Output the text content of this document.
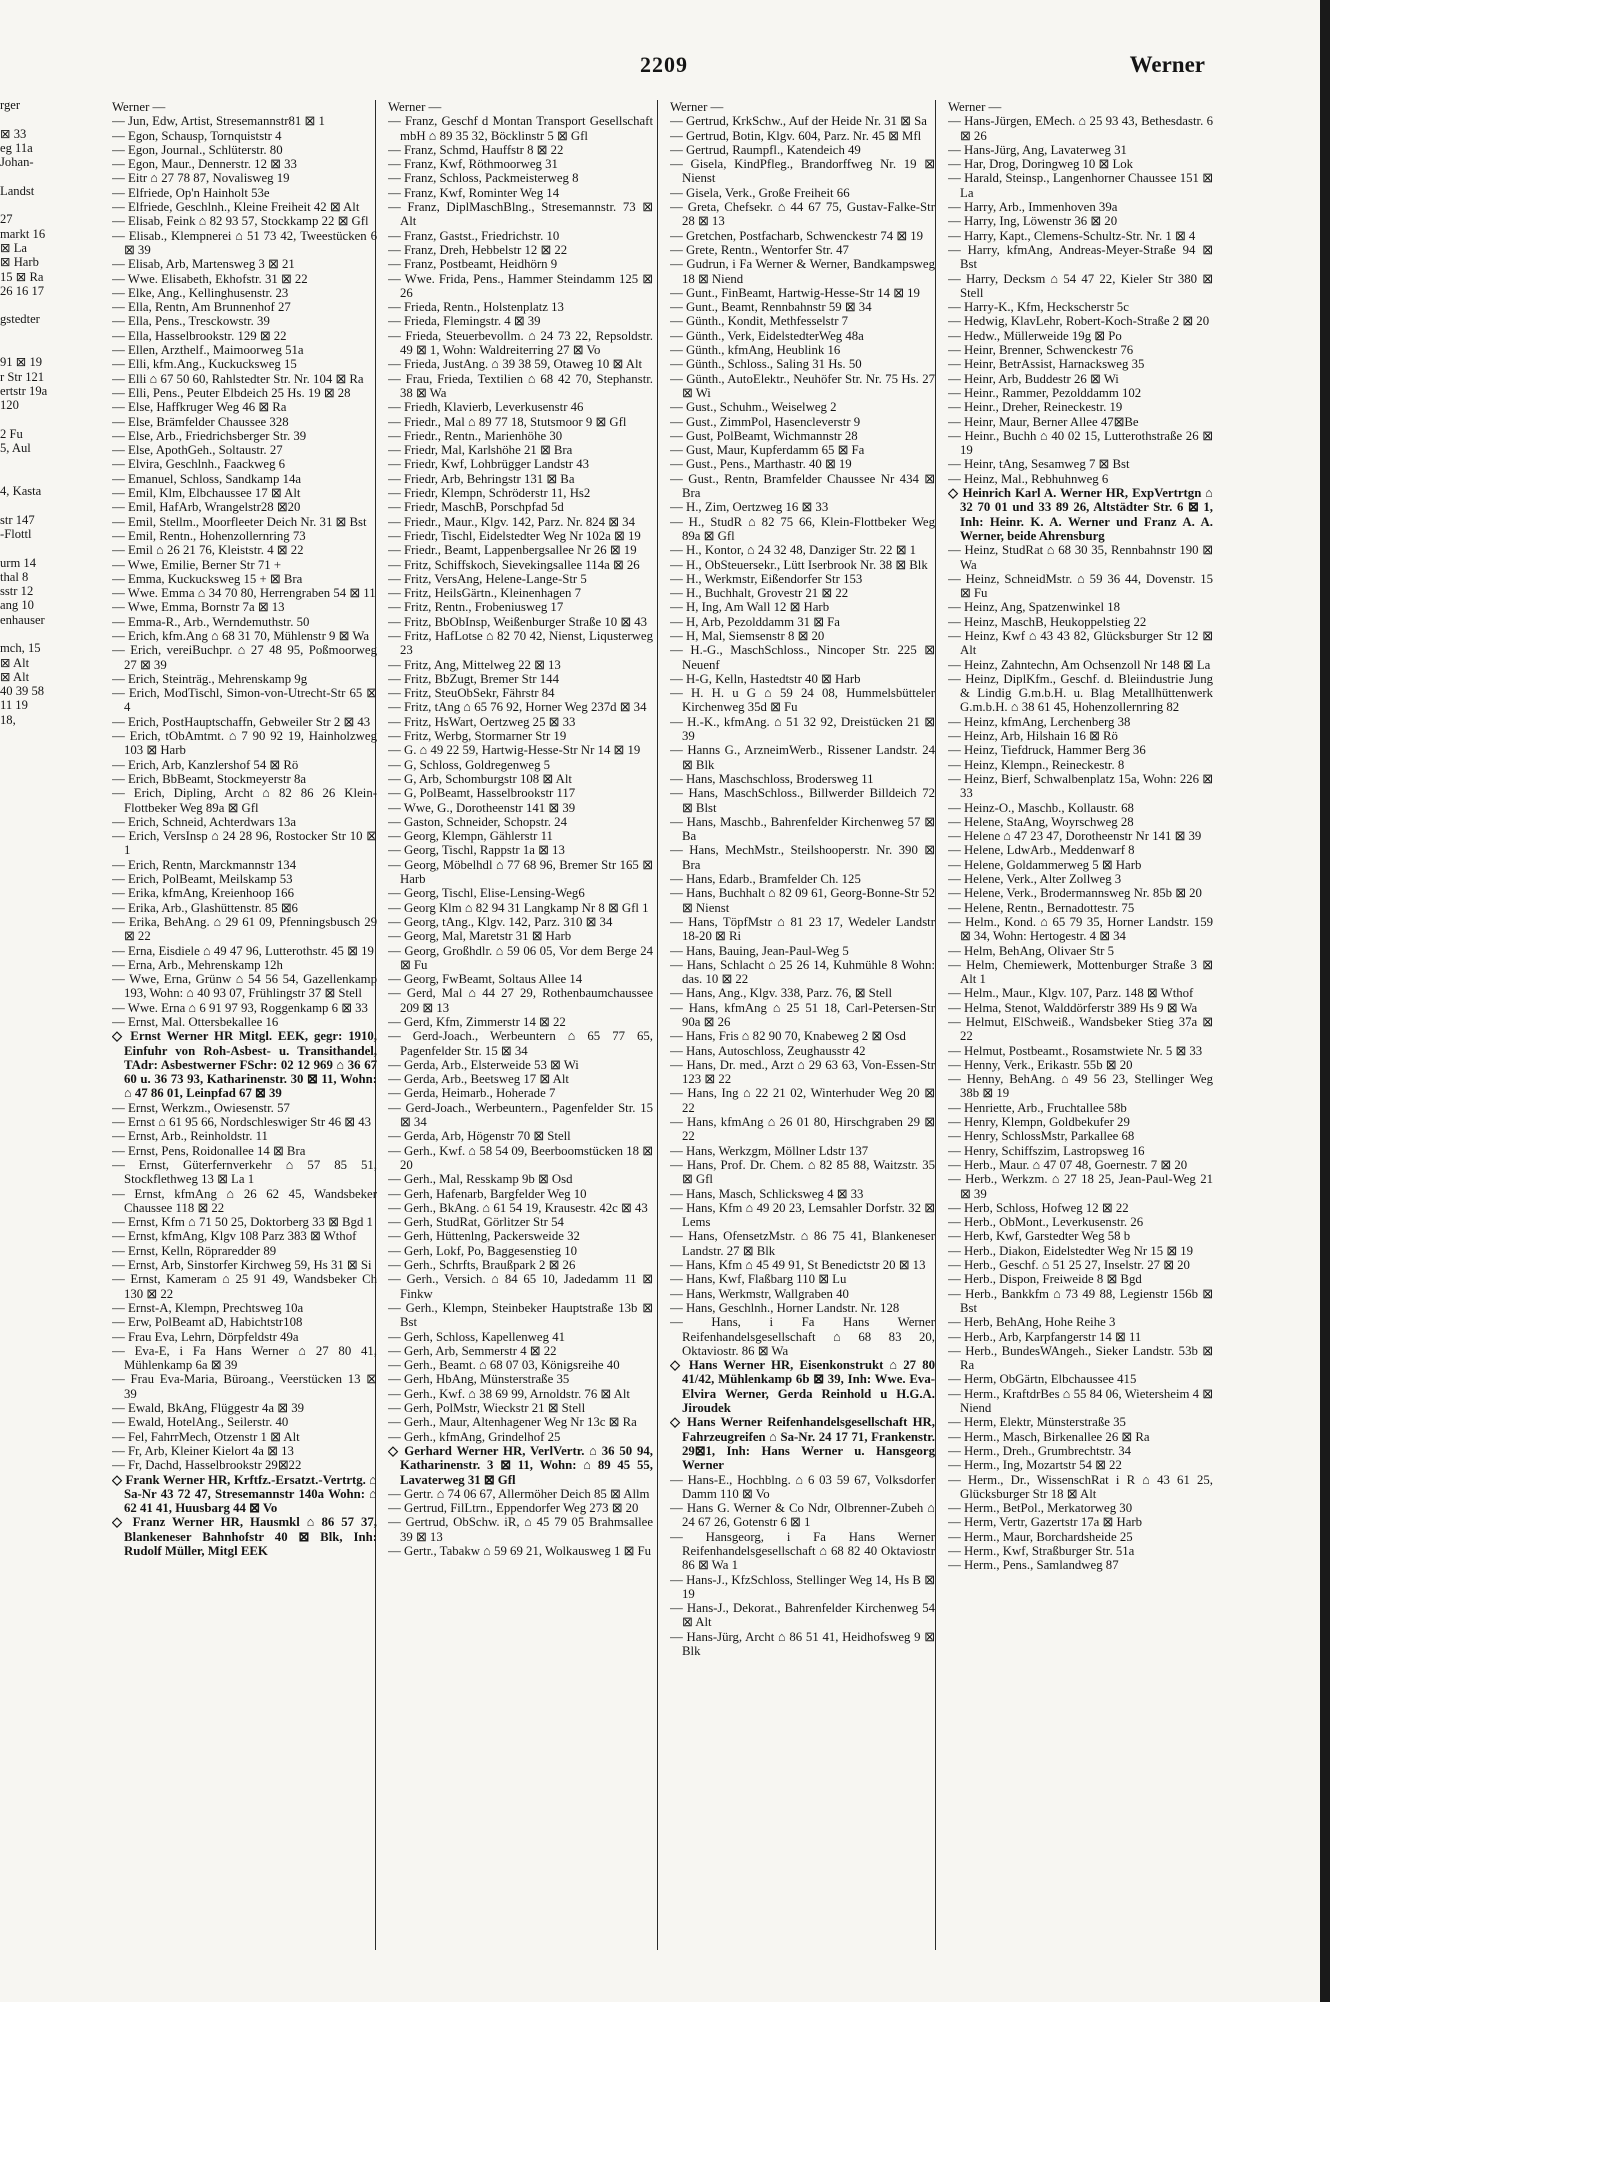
2209	Werner
rger

⊠ 33
eg 11a
Johan-

Landst

27
markt 16
⊠ La
⊠ Harb
15 ⊠ Ra
26 16 17

gstedter

91 ⊠ 19
r Str 121
ertstr 19a
120

2 Fu
5, Aul

4, Kasta

str 147
-Flottl

urm 14
thal 8
sstr 12
ang 10
enhauser

mch, 15
⊠ Alt
⊠ Alt
40 39 58
11 19
18,
Werner —
— Jun, Edw, Artist, Stresemannstr81 ⊠ 1
— Egon, Schausp, Tornquiststr 4
— Egon, Journal., Schlüterstr. 80
— Egon, Maur., Dennerstr. 12 ⊠ 33
— Eitr ⌂ 27 78 87, Novalisweg 19
— Elfriede, Op'n Hainholt 53e
— Elfriede, Geschlnh., Kleine Freiheit 42 ⊠ Alt
— Elisab, Feink ⌂ 82 93 57, Stockkamp 22 ⊠ Gfl
— Elisab., Klempnerei ⌂ 51 73 42, Tweestücken 6 ⊠ 39
— Elisab, Arb, Martensweg 3 ⊠ 21
— Wwe. Elisabeth, Ekhofstr. 31 ⊠ 22
— Elke, Ang., Kellinghusenstr. 23
— Ella, Rentn, Am Brunnenhof 27
— Ella, Pens., Tresckowstr. 39
— Ella, Hasselbrookstr. 129 ⊠ 22
— Ellen, Arzthelf., Maimoorweg 51a
— Elli, kfm.Ang., Kuckucksweg 15
— Elli ⌂ 67 50 60, Rahlstedter Str. Nr. 104 ⊠ Ra
— Elli, Pens., Peuter Elbdeich 25 Hs. 19 ⊠ 28
— Else, Haffkruger Weg 46 ⊠ Ra
— Else, Brämfelder Chaussee 328
— Else, Arb., Friedrichsberger Str. 39
— Else, ApothGeh., Soltaustr. 27
— Elvira, Geschlnh., Faackweg 6
— Emanuel, Schloss, Sandkamp 14a
— Emil, Klm, Elbchaussee 17 ⊠ Alt
— Emil, HafArb, Wrangelstr28 ⊠20
— Emil, Stellm., Moorfleeter Deich Nr. 31 ⊠ Bst
— Emil, Rentn., Hohenzollernring 73
— Emil ⌂ 26 21 76, Kleiststr. 4 ⊠ 22
— Wwe, Emilie, Berner Str 71 +
— Emma, Kuckucksweg 15 + ⊠ Bra
— Wwe. Emma ⌂ 34 70 80, Herrengraben 54 ⊠ 11
— Wwe, Emma, Bornstr 7a ⊠ 13
— Emma-R., Arb., Werndemuthstr. 50
— Erich, kfm.Ang ⌂ 68 31 70, Mühlenstr 9 ⊠ Wa
— Erich, vereiBuchpr. ⌂ 27 48 95, Poßmoorweg 27 ⊠ 39
— Erich, Steinträg., Mehrenskamp 9g
— Erich, ModTischl, Simon-von-Utrecht-Str 65 ⊠ 4
— Erich, PostHauptschaffn, Gebweiler Str 2 ⊠ 43
— Erich, tObAmtmt. ⌂ 7 90 92 19, Hainholzweg 103 ⊠ Harb
— Erich, Arb, Kanzlershof 54 ⊠ Rö
— Erich, BbBeamt, Stockmeyerstr 8a
— Erich, Dipling, Archt ⌂ 82 86 26 Klein-Flottbeker Weg 89a ⊠ Gfl
— Erich, Schneid, Achterdwars 13a
— Erich, VersInsp ⌂ 24 28 96, Rostocker Str 10 ⊠ 1
— Erich, Rentn, Marckmannstr 134
— Erich, PolBeamt, Meilskamp 53
— Erika, kfmAng, Kreienhoop 166
— Erika, Arb., Glashüttenstr. 85 ⊠6
— Erika, BehAng. ⌂ 29 61 09, Pfenningsbusch 29 ⊠ 22
— Erna, Eisdiele ⌂ 49 47 96, Luttеrothstr. 45 ⊠ 19
— Erna, Arb., Mehrenskamp 12h
— Wwe, Erna, Grünw ⌂ 54 56 54, Gazellenkamp 193, Wohn: ⌂ 40 93 07, Frühlingstr 37 ⊠ Stell
— Wwe. Erna ⌂ 6 91 97 93, Roggenkamp 6 ⊠ 33
— Ernst, Mal. Ottersbekallee 16
◇ Ernst Werner HR Mitgl. EEK, gegr: 1910, Einfuhr von Roh-Asbest- u. Transithandel, TAdr: Asbestwerner FSchr: 02 12 969 ⌂ 36 67 60 u. 36 73 93, Katharinenstr. 30 ⊠ 11, Wohn: ⌂ 47 86 01, Leinpfad 67 ⊠ 39
— Ernst, Werkzm., Owiesenstr. 57
— Ernst ⌂ 61 95 66, Nordschleswiger Str 46 ⊠ 43
— Ernst, Arb., Reinholdstr. 11
— Ernst, Pens, Roidonallee 14 ⊠ Bra
— Ernst, Güterfernverkehr ⌂ 57 85 51, Stockflethweg 13 ⊠ La 1
— Ernst, kfmAng ⌂ 26 62 45, Wandsbeker Chaussee 118 ⊠ 22
— Ernst, Kfm ⌂ 71 50 25, Doktorberg 33 ⊠ Bgd 1
— Ernst, kfmAng, Klgv 108 Parz 383 ⊠ Wthof
— Ernst, Kelln, Röpraredder 89
— Ernst, Arb, Sinstorfer Kirchweg 59, Hs 31 ⊠ Si
— Ernst, Kameram ⌂ 25 91 49, Wandsbeker Ch 130 ⊠ 22
— Ernst-A, Klempn, Prechtsweg 10a
— Erw, PolBeamt aD, Habichtstr108
— Frau Eva, Lehrn, Dörpfeldstr 49a
— Eva-E, i Fa Hans Werner ⌂ 27 80 41, Mühlenkamp 6a ⊠ 39
— Frau Eva-Maria, Büroang., Veerstücken 13 ⊠ 39
— Ewald, BkAng, Flüggestr 4a ⊠ 39
— Ewald, HotelAng., Seilerstr. 40
— Fel, FahrrMech, Otzenstr 1 ⊠ Alt
— Fr, Arb, Kleiner Kielort 4a ⊠ 13
— Fr, Dachd, Hasselbrookstr 29⊠22
◇ Frank Werner HR, Krftfz.-Ersatzt.-Vertrtg. ⌂ Sa-Nr 43 72 47, Stresemannstr 140a Wohn: ⌂ 62 41 41, Huusbarg 44 ⊠ Vo
◇ Franz Werner HR, Hausmkl ⌂ 86 57 37, Blankeneser Bahnhofstr 40 ⊠ Blk, Inh: Rudolf Müller, Mitgl EEK
Werner —
— Franz, Geschf d Montan Transport Gesellschaft mbH ⌂ 89 35 32, Böcklinstr 5 ⊠ Gfl
— Franz, Schmd, Hauffstr 8 ⊠ 22
— Franz, Kwf, Röthmoorweg 31
— Franz, Schloss, Packmeisterweg 8
— Franz, Kwf, Rominter Weg 14
— Franz, DiplMaschBlng., Stresemannstr. 73 ⊠ Alt
— Franz, Gastst., Friedrichstr. 10
— Franz, Dreh, Hebbelstr 12 ⊠ 22
— Franz, Postbeamt, Heidhörn 9
— Wwe. Frida, Pens., Hammer Steindamm 125 ⊠ 26
— Frieda, Rentn., Holstenplatz 13
— Frieda, Flemingstr. 4 ⊠ 39
— Frieda, Steuerbevollm. ⌂ 24 73 22, Repsoldstr. 49 ⊠ 1, Wohn: Waldreiterring 27 ⊠ Vo
— Frieda, JustAng. ⌂ 39 38 59, Otaweg 10 ⊠ Alt
— Frau, Frieda, Textilien ⌂ 68 42 70, Stephanstr. 38 ⊠ Wa
— Friedh, Klavierb, Leverkusenstr 46
— Friedr., Mal ⌂ 89 77 18, Stutsmoor 9 ⊠ Gfl
— Friedr., Rentn., Marienhöhe 30
— Friedr, Mal, Karlshöhe 21 ⊠ Bra
— Friedr, Kwf, Lohbrügger Landstr 43
— Friedr, Arb, Behringstr 131 ⊠ Ba
— Friedr, Klempn, Schröderstr 11, Hs2
— Friedr, MaschB, Porschpfad 5d
— Friedr., Maur., Klgv. 142, Parz. Nr. 824 ⊠ 34
— Friedr, Tischl, Eidelstedter Weg Nr 102a ⊠ 19
— Friedr., Beamt, Lappenbergsallee Nr 26 ⊠ 19
— Fritz, Schiffskoch, Sievekingsallee 114a ⊠ 26
— Fritz, VersAng, Helene-Lange-Str 5
— Fritz, HeilsGärtn., Kleinenhagen 7
— Fritz, Rentn., Frobeniusweg 17
— Fritz, BbObInsp, Weißenburger Straße 10 ⊠ 43
— Fritz, HafLotse ⌂ 82 70 42, Nienst, Liqusterweg 23
— Fritz, Ang, Mittelweg 22 ⊠ 13
— Fritz, BbZugt, Bremer Str 144
— Fritz, SteuObSekr, Fährstr 84
— Fritz, tAng ⌂ 65 76 92, Horner Weg 237d ⊠ 34
— Fritz, HsWart, Oertzweg 25 ⊠ 33
— Fritz, Werbg, Stormarner Str 19
— G. ⌂ 49 22 59, Hartwig-Hesse-Str Nr 14 ⊠ 19
— G, Schloss, Goldregenweg 5
— G, Arb, Schomburgstr 108 ⊠ Alt
— G, PolBeamt, Hasselbrookstr 117
— Wwe, G., Dorotheenstr 141 ⊠ 39
— Gaston, Schneider, Schopstr. 24
— Georg, Klempn, Gählerstr 11
— Georg, Tischl, Rappstr 1a ⊠ 13
— Georg, Möbelhdl ⌂ 77 68 96, Bremer Str 165 ⊠ Harb
— Georg, Tischl, Elise-Lensing-Weg6
— Georg Klm ⌂ 82 94 31 Langkamp Nr 8 ⊠ Gfl 1
— Georg, tAng., Klgv. 142, Parz. 310 ⊠ 34
— Georg, Mal, Maretstr 31 ⊠ Harb
— Georg, Großhdlr. ⌂ 59 06 05, Vor dem Berge 24 ⊠ Fu
— Georg, FwBeamt, Soltaus Allee 14
— Gerd, Mal ⌂ 44 27 29, Rothenbaumchaussee 209 ⊠ 13
— Gerd, Kfm, Zimmerstr 14 ⊠ 22
— Gerd-Joach., Werbeuntern ⌂ 65 77 65, Pagenfelder Str. 15 ⊠ 34
— Gerda, Arb., Elsterweide 53 ⊠ Wi
— Gerda, Arb., Beetsweg 17 ⊠ Alt
— Gerda, Heimarb., Hoherade 7
— Gerd-Joach., Werbeuntern., Pagenfelder Str. 15 ⊠ 34
— Gerda, Arb, Högenstr 70 ⊠ Stell
— Gerh., Kwf. ⌂ 58 54 09, Beerboomstücken 18 ⊠ 20
— Gerh., Mal, Resskamp 9b ⊠ Osd
— Gerh, Hafenarb, Bargfelder Weg 10
— Gerh., BkAng. ⌂ 61 54 19, Krausestr. 42c ⊠ 43
— Gerh, StudRat, Görlitzer Str 54
— Gerh, Hüttenlng, Packersweide 32
— Gerh, Lokf, Po, Baggesenstieg 10
— Gerh., Schrfts, Braußpark 2 ⊠ 26
— Gerh., Versich. ⌂ 84 65 10, Jadedamm 11 ⊠ Finkw
— Gerh., Klempn, Steinbeker Hauptstraße 13b ⊠ Bst
— Gerh, Schloss, Kapellenweg 41
— Gerh, Arb, Semmerstr 4 ⊠ 22
— Gerh., Beamt. ⌂ 68 07 03, Königsreihe 40
— Gerh, HbAng, Münsterstraße 35
— Gerh., Kwf. ⌂ 38 69 99, Arnoldstr. 76 ⊠ Alt
— Gerh, PolMstr, Wieckstr 21 ⊠ Stell
— Gerh., Maur, Altenhagener Weg Nr 13c ⊠ Ra
— Gerh., kfmAng, Grindelhof 25
◇ Gerhard Werner HR, VerlVertr. ⌂ 36 50 94, Katharinenstr. 3 ⊠ 11, Wohn: ⌂ 89 45 55, Lavaterweg 31 ⊠ Gfl
— Gertr. ⌂ 74 06 67, Allermöher Deich 85 ⊠ Allm
— Gertrud, FilLtrn., Eppendorfer Weg 273 ⊠ 20
— Gertrud, ObSchw. iR, ⌂ 45 79 05 Brahmsallee 39 ⊠ 13
— Gertr., Tabakw ⌂ 59 69 21, Wolkausweg 1 ⊠ Fu
Werner —
— Gertrud, KrkSchw., Auf der Heide Nr. 31 ⊠ Sa
— Gertrud, Botin, Klgv. 604, Parz. Nr. 45 ⊠ Mfl
— Gertrud, Raumpfl., Katendeich 49
— Gisela, KindPfleg., Brandorffweg Nr. 19 ⊠ Nienst
— Gisela, Verk., Große Freiheit 66
— Greta, Chefsekr. ⌂ 44 67 75, Gustav-Falke-Str 28 ⊠ 13
— Gretchen, Postfacharb, Schwenckestr 74 ⊠ 19
— Grete, Rentn., Wentorfer Str. 47
— Gudrun, i Fa Werner & Werner, Bandkampsweg 18 ⊠ Niend
— Gunt., FinBeamt, Hartwig-Hesse-Str 14 ⊠ 19
— Gunt., Beamt, Rennbahnstr 59 ⊠ 34
— Günth., Kondit, Methfesselstr 7
— Günth., Verk, EidelstedterWeg 48a
— Günth., kfmAng, Heublink 16
— Günth., Schloss., Saling 31 Hs. 50
— Günth., AutoElektr., Neuhöfer Str. Nr. 75 Hs. 27 ⊠ Wi
— Gust., Schuhm., Weiselweg 2
— Gust., ZimmPol, Hasencleverstr 9
— Gust, PolBeamt, Wichmannstr 28
— Gust, Maur, Kupferdamm 65 ⊠ Fa
— Gust., Pens., Marthastr. 40 ⊠ 19
— Gust., Rentn, Bramfelder Chaussee Nr 434 ⊠ Bra
— H., Zim, Oertzweg 16 ⊠ 33
— H., StudR ⌂ 82 75 66, Klein-Flottbeker Weg 89a ⊠ Gfl
— H., Kontor, ⌂ 24 32 48, Danziger Str. 22 ⊠ 1
— H., ObSteuersekr., Lütt Iserbrook Nr. 38 ⊠ Blk
— H., Werkmstr, Eißendorfer Str 153
— H., Buchhalt, Grovestr 21 ⊠ 22
— H, Ing, Am Wall 12 ⊠ Harb
— H, Arb, Pezolddamm 31 ⊠ Fa
— H, Mal, Siemsenstr 8 ⊠ 20
— H.-G., MaschSchloss., Nincoper Str. 225 ⊠ Neuenf
— H-G, Kelln, Hastedtstr 40 ⊠ Harb
— H. H. u G ⌂ 59 24 08, Hummelsbütteler Kirchenweg 35d ⊠ Fu
— H.-K., kfmAng. ⌂ 51 32 92, Dreistücken 21 ⊠ 39
— Hanns G., ArzneimWerb., Rissener Landstr. 24 ⊠ Blk
— Hans, Maschschloss, Brodersweg 11
— Hans, MaschSchloss., Billwerder Billdeich 72 ⊠ Blst
— Hans, Maschb., Bahrenfelder Kirchenweg 57 ⊠ Ba
— Hans, MechMstr., Steilshooperstr. Nr. 390 ⊠ Bra
— Hans, Edarb., Bramfelder Ch. 125
— Hans, Buchhalt ⌂ 82 09 61, Georg-Bonne-Str 52 ⊠ Nienst
— Hans, TöpfMstr ⌂ 81 23 17, Wedeler Landstr 18-20 ⊠ Ri
— Hans, Bauing, Jean-Paul-Weg 5
— Hans, Schlacht ⌂ 25 26 14, Kuhmühle 8 Wohn: das. 10 ⊠ 22
— Hans, Ang., Klgv. 338, Parz. 76, ⊠ Stell
— Hans, kfmAng ⌂ 25 51 18, Carl-Petersen-Str 90a ⊠ 26
— Hans, Fris ⌂ 82 90 70, Knabeweg 2 ⊠ Osd
— Hans, Autoschloss, Zeughausstr 42
— Hans, Dr. med., Arzt ⌂ 29 63 63, Von-Essen-Str 123 ⊠ 22
— Hans, Ing ⌂ 22 21 02, Winterhuder Weg 20 ⊠ 22
— Hans, kfmAng ⌂ 26 01 80, Hirschgraben 29 ⊠ 22
— Hans, Werkzgm, Möllner Ldstr 137
— Hans, Prof. Dr. Chem. ⌂ 82 85 88, Waitzstr. 35 ⊠ Gfl
— Hans, Masch, Schlicksweg 4 ⊠ 33
— Hans, Kfm ⌂ 49 20 23, Lemsahler Dorfstr. 32 ⊠ Lems
— Hans, OfensetzMstr. ⌂ 86 75 41, Blankeneser Landstr. 27 ⊠ Blk
— Hans, Kfm ⌂ 45 49 91, St Benedictstr 20 ⊠ 13
— Hans, Kwf, Flaßbarg 110 ⊠ Lu
— Hans, Werkmstr, Wallgraben 40
— Hans, Geschlnh., Horner Landstr. Nr. 128
— Hans, i Fa Hans Werner Reifenhandelsgesellschaft ⌂ 68 83 20, Oktaviostr. 86 ⊠ Wa
◇ Hans Werner HR, Eisenkonstrukt ⌂ 27 80 41/42, Mühlenkamp 6b ⊠ 39, Inh: Wwe. Eva-Elvira Werner, Gerda Reinhold u H.G.A. Jiroudek
◇ Hans Werner Reifenhandelsgesellschaft HR, Fahrzeugreifen ⌂ Sa-Nr. 24 17 71, Frankenstr. 29⊠1, Inh: Hans Werner u. Hansgeorg Werner
— Hans-E., Hochblng. ⌂ 6 03 59 67, Volksdorfer Damm 110 ⊠ Vo
— Hans G. Werner & Co Ndr, Olbrenner-Zubeh ⌂ 24 67 26, Gotenstr 6 ⊠ 1
— Hansgeorg, i Fa Hans Werner Reifenhandelsgesellschaft ⌂ 68 82 40 Oktaviostr 86 ⊠ Wa 1
— Hans-J., KfzSchloss, Stellinger Weg 14, Hs B ⊠ 19
— Hans-J., Dekorat., Bahrenfelder Kirchenweg 54 ⊠ Alt
— Hans-Jürg, Archt ⌂ 86 51 41, Heidhofsweg 9 ⊠ Blk
Werner —
— Hans-Jürgen, EMech. ⌂ 25 93 43, Bethesdastr. 6 ⊠ 26
— Hans-Jürg, Ang, Lavaterweg 31
— Har, Drog, Doringweg 10 ⊠ Lok
— Harald, Steinsp., Langenhorner Chaussee 151 ⊠ La
— Harry, Arb., Immenhoven 39a
— Harry, Ing, Löwenstr 36 ⊠ 20
— Harry, Kapt., Clemens-Schultz-Str. Nr. 1 ⊠ 4
— Harry, kfmAng, Andreas-Meyer-Straße 94 ⊠ Bst
— Harry, Decksm ⌂ 54 47 22, Kieler Str 380 ⊠ Stell
— Harry-K., Kfm, Heckscherstr 5c
— Hedwig, KlavLehr, Robert-Koch-Straße 2 ⊠ 20
— Hedw., Müllerweide 19g ⊠ Po
— Heinr, Brenner, Schwenckestr 76
— Heinr, BetrAssist, Harnacksweg 35
— Heinr, Arb, Buddestr 26 ⊠ Wi
— Heinr., Rammer, Pezolddamm 102
— Heinr., Dreher, Reineckestr. 19
— Heinr, Maur, Berner Allee 47⊠Be
— Heinr., Buchh ⌂ 40 02 15, Lutterothstraße 26 ⊠ 19
— Heinr, tAng, Sesamweg 7 ⊠ Bst
— Heinz, Mal., Rebhuhnweg 6
◇ Heinrich Karl A. Werner HR, ExpVertrtgn ⌂ 32 70 01 und 33 89 26, Altstädter Str. 6 ⊠ 1, Inh: Heinr. K. A. Werner und Franz A. A. Werner, beide Ahrensburg
— Heinz, StudRat ⌂ 68 30 35, Rennbahnstr 190 ⊠ Wa
— Heinz, SchneidMstr. ⌂ 59 36 44, Dovenstr. 15 ⊠ Fu
— Heinz, Ang, Spatzenwinkel 18
— Heinz, MaschB, Heukoppelstieg 22
— Heinz, Kwf ⌂ 43 43 82, Glücksburger Str 12 ⊠ Alt
— Heinz, Zahntechn, Am Ochsenzoll Nr 148 ⊠ La
— Heinz, DiplKfm., Geschf. d. Bleiindustrie Jung & Lindig G.m.b.H. u. Blag Metallhüttenwerk G.m.b.H. ⌂ 38 61 45, Hohenzollernring 82
— Heinz, kfmAng, Lerchenberg 38
— Heinz, Arb, Hilshain 16 ⊠ Rö
— Heinz, Tiefdruck, Hammer Berg 36
— Heinz, Klempn., Reineckestr. 8
— Heinz, Bierf, Schwalbenplatz 15a, Wohn: 226 ⊠ 33
— Heinz-O., Maschb., Kollaustr. 68
— Helene, StaAng, Woyrschweg 28
— Helene ⌂ 47 23 47, Dorotheenstr Nr 141 ⊠ 39
— Helene, LdwArb., Meddenwarf 8
— Helene, Goldammerweg 5 ⊠ Harb
— Helene, Verk., Alter Zollweg 3
— Helene, Verk., Brodermannsweg Nr. 85b ⊠ 20
— Helene, Rentn., Bernadottestr. 75
— Helm., Kond. ⌂ 65 79 35, Horner Landstr. 159 ⊠ 34, Wohn: Hertogestr. 4 ⊠ 34
— Helm, BehAng, Olivaer Str 5
— Helm, Chemiewerk, Mottenburger Straße 3 ⊠ Alt 1
— Helm., Maur., Klgv. 107, Parz. 148 ⊠ Wthof
— Helma, Stenot, Walddörferstr 389 Hs 9 ⊠ Wa
— Helmut, ElSchweiß., Wandsbeker Stieg 37a ⊠ 22
— Helmut, Postbeamt., Rosamstwiete Nr. 5 ⊠ 33
— Henny, Verk., Erikastr. 55b ⊠ 20
— Henny, BehAng. ⌂ 49 56 23, Stellinger Weg 38b ⊠ 19
— Henriette, Arb., Fruchtallee 58b
— Henry, Klempn, Goldbekufer 29
— Henry, SchlossMstr, Parkallee 68
— Henry, Schiffszim, Lastropsweg 16
— Herb., Maur. ⌂ 47 07 48, Goernestr. 7 ⊠ 20
— Herb., Werkzm. ⌂ 27 18 25, Jean-Paul-Weg 21 ⊠ 39
— Herb, Schloss, Hofweg 12 ⊠ 22
— Herb., ObMont., Leverkusenstr. 26
— Herb, Kwf, Garstedter Weg 58 b
— Herb., Diakon, Eidelstedter Weg Nr 15 ⊠ 19
— Herb., Geschf. ⌂ 51 25 27, Inselstr. 27 ⊠ 20
— Herb., Dispon, Freiweide 8 ⊠ Bgd
— Herb., Bankkfm ⌂ 73 49 88, Legienstr 156b ⊠ Bst
— Herb, BehAng, Hohe Reihe 3
— Herb., Arb, Karpfangerstr 14 ⊠ 11
— Herb., BundesWAngeh., Sieker Landstr. 53b ⊠ Ra
— Herm, ObGärtn, Elbchaussee 415
— Herm., KraftdrBes ⌂ 55 84 06, Wietersheim 4 ⊠ Niend
— Herm, Elektr, Münsterstraße 35
— Herm., Masch, Birkenallee 26 ⊠ Ra
— Herm., Dreh., Grumbrechtstr. 34
— Herm., Ing, Mozartstr 54 ⊠ 22
— Herm., Dr., WissenschRat i R ⌂ 43 61 25, Glücksburger Str 18 ⊠ Alt
— Herm., BetPol., Merkatorweg 30
— Herm, Vertr, Gazertstr 17a ⊠ Harb
— Herm., Maur, Borchardsheide 25
— Herm., Kwf, Straßburger Str. 51a
— Herm., Pens., Samlandweg 87
